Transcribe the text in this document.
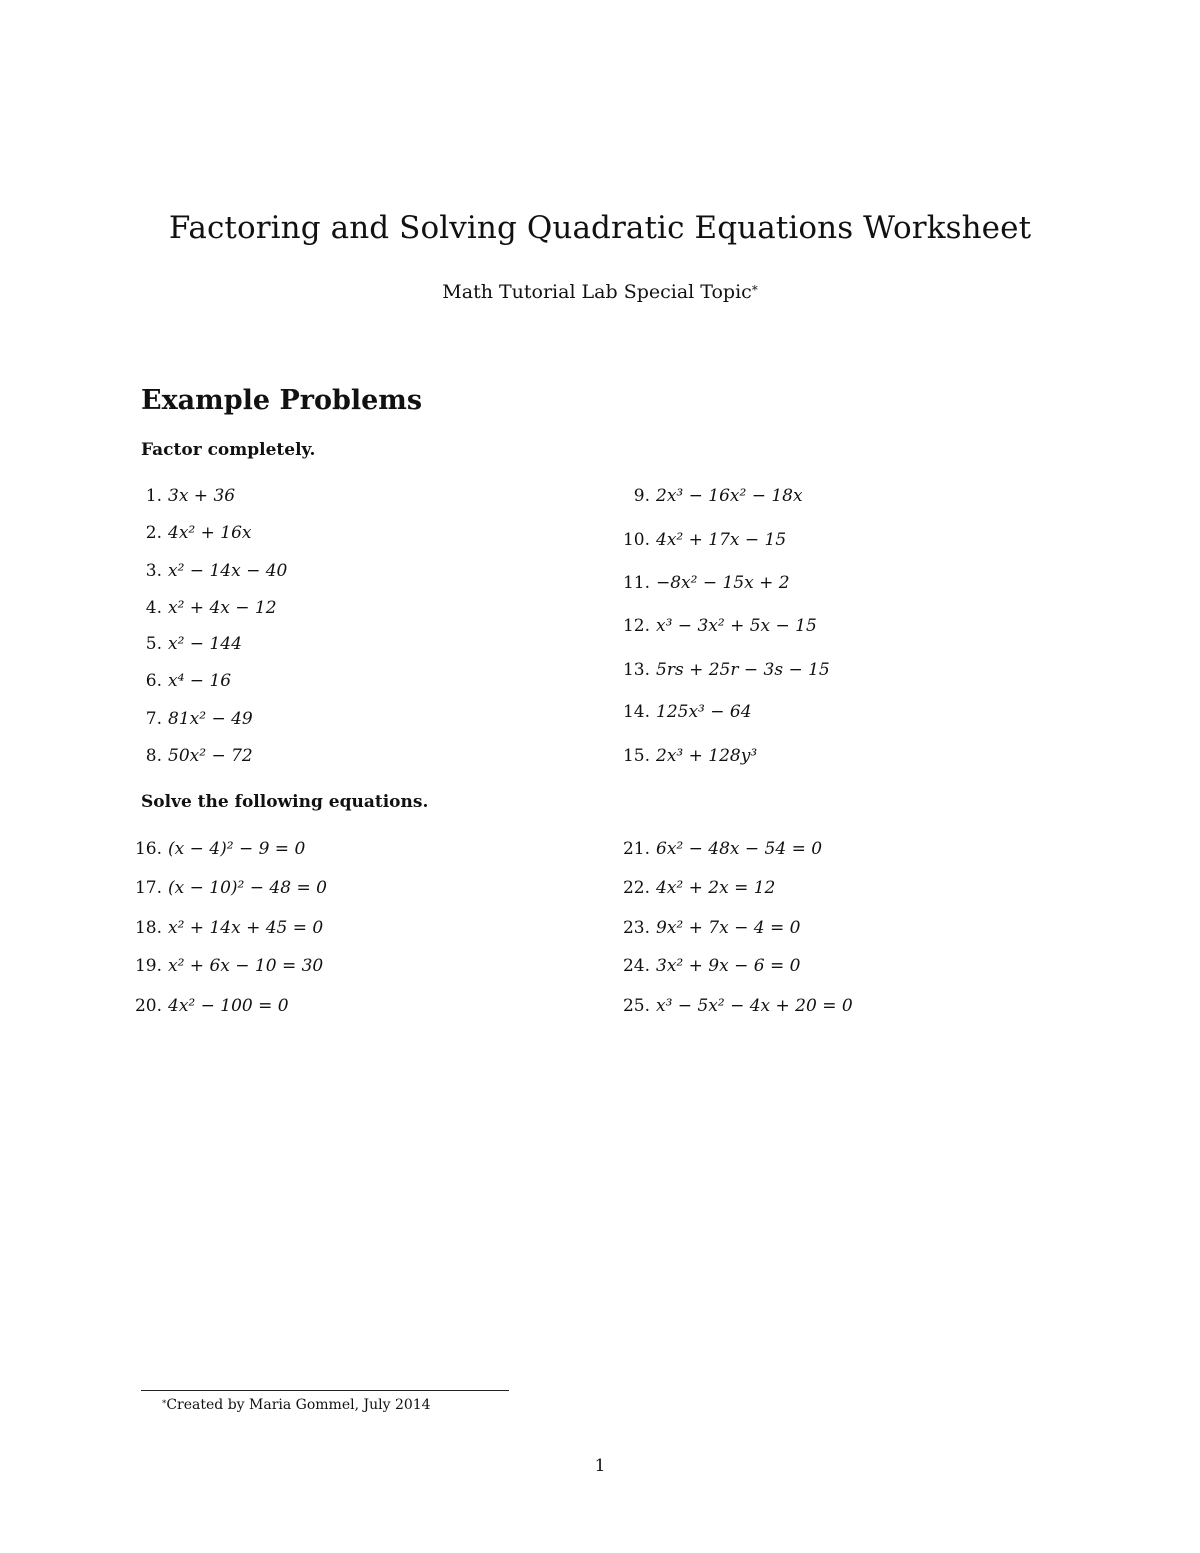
Factoring and Solving Quadratic Equations Worksheet
Math Tutorial Lab Special Topic*
Example Problems
Factor completely.
1. 3x + 36
2. 4x² + 16x
3. x² − 14x − 40
4. x² + 4x − 12
5. x² − 144
6. x⁴ − 16
7. 81x² − 49
8. 50x² − 72
9. 2x³ − 16x² − 18x
10. 4x² + 17x − 15
11. −8x² − 15x + 2
12. x³ − 3x² + 5x − 15
13. 5rs + 25r − 3s − 15
14. 125x³ − 64
15. 2x³ + 128y³
Solve the following equations.
16. (x − 4)² − 9 = 0
17. (x − 10)² − 48 = 0
18. x² + 14x + 45 = 0
19. x² + 6x − 10 = 30
20. 4x² − 100 = 0
21. 6x² − 48x − 54 = 0
22. 4x² + 2x = 12
23. 9x² + 7x − 4 = 0
24. 3x² + 9x − 6 = 0
25. x³ − 5x² − 4x + 20 = 0
*Created by Maria Gommel, July 2014
1
